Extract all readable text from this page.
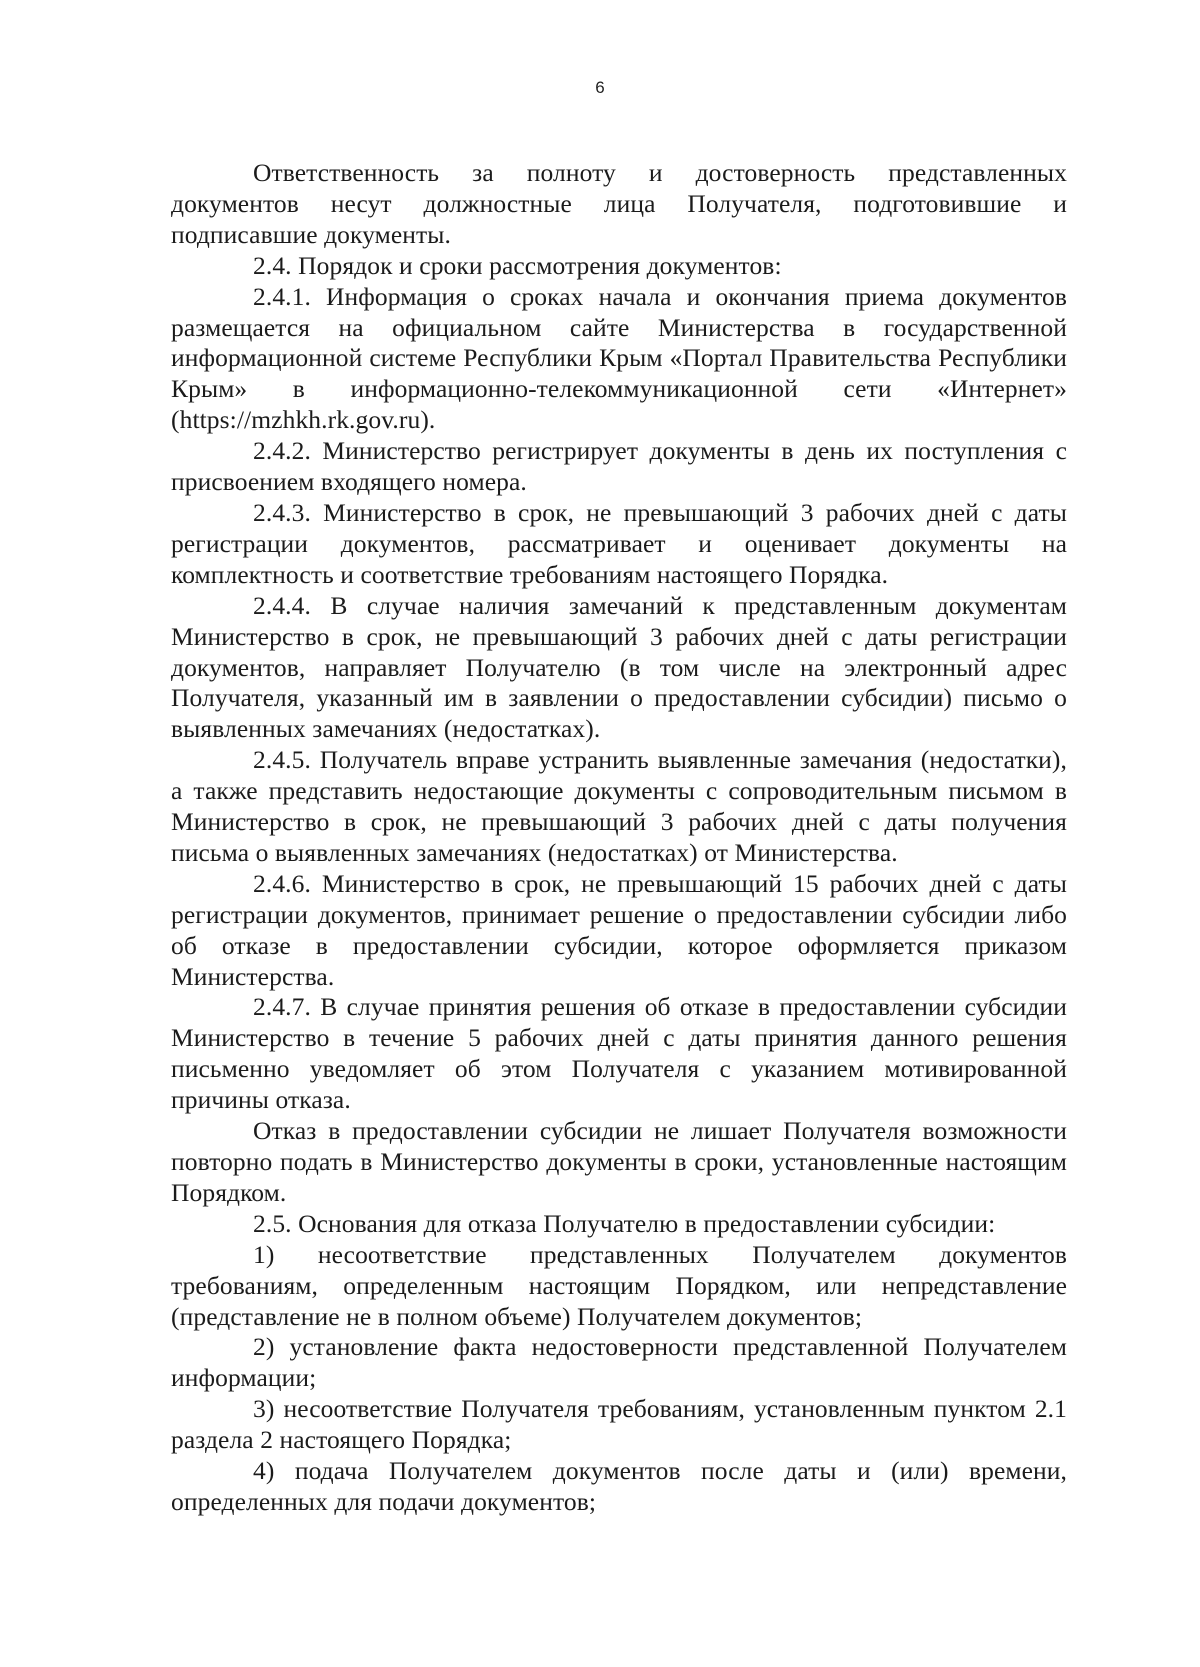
6

Ответственность за полноту и достоверность представленных документов несут должностные лица Получателя, подготовившие и подписавшие документы.

2.4. Порядок и сроки рассмотрения документов:

2.4.1. Информация о сроках начала и окончания приема документов размещается на официальном сайте Министерства в государственной информационной системе Республики Крым «Портал Правительства Республики Крым» в информационно-телекоммуникационной сети «Интернет» (https://mzhkh.rk.gov.ru).

2.4.2. Министерство регистрирует документы в день их поступления с присвоением входящего номера.

2.4.3. Министерство в срок, не превышающий 3 рабочих дней с даты регистрации документов, рассматривает и оценивает документы на комплектность и соответствие требованиям настоящего Порядка.

2.4.4. В случае наличия замечаний к представленным документам Министерство в срок, не превышающий 3 рабочих дней с даты регистрации документов, направляет Получателю (в том числе на электронный адрес Получателя, указанный им в заявлении о предоставлении субсидии) письмо о выявленных замечаниях (недостатках).

2.4.5. Получатель вправе устранить выявленные замечания (недостатки), а также представить недостающие документы с сопроводительным письмом в Министерство в срок, не превышающий 3 рабочих дней с даты получения письма о выявленных замечаниях (недостатках) от Министерства.

2.4.6. Министерство в срок, не превышающий 15 рабочих дней с даты регистрации документов, принимает решение о предоставлении субсидии либо об отказе в предоставлении субсидии, которое оформляется приказом Министерства.

2.4.7. В случае принятия решения об отказе в предоставлении субсидии Министерство в течение 5 рабочих дней с даты принятия данного решения письменно уведомляет об этом Получателя с указанием мотивированной причины отказа.

Отказ в предоставлении субсидии не лишает Получателя возможности повторно подать в Министерство документы в сроки, установленные настоящим Порядком.

2.5. Основания для отказа Получателю в предоставлении субсидии:

1) несоответствие представленных Получателем документов требованиям, определенным настоящим Порядком, или непредставление (представление не в полном объеме) Получателем документов;

2) установление факта недостоверности представленной Получателем информации;

3) несоответствие Получателя требованиям, установленным пунктом 2.1 раздела 2 настоящего Порядка;

4) подача Получателем документов после даты и (или) времени, определенных для подачи документов;
